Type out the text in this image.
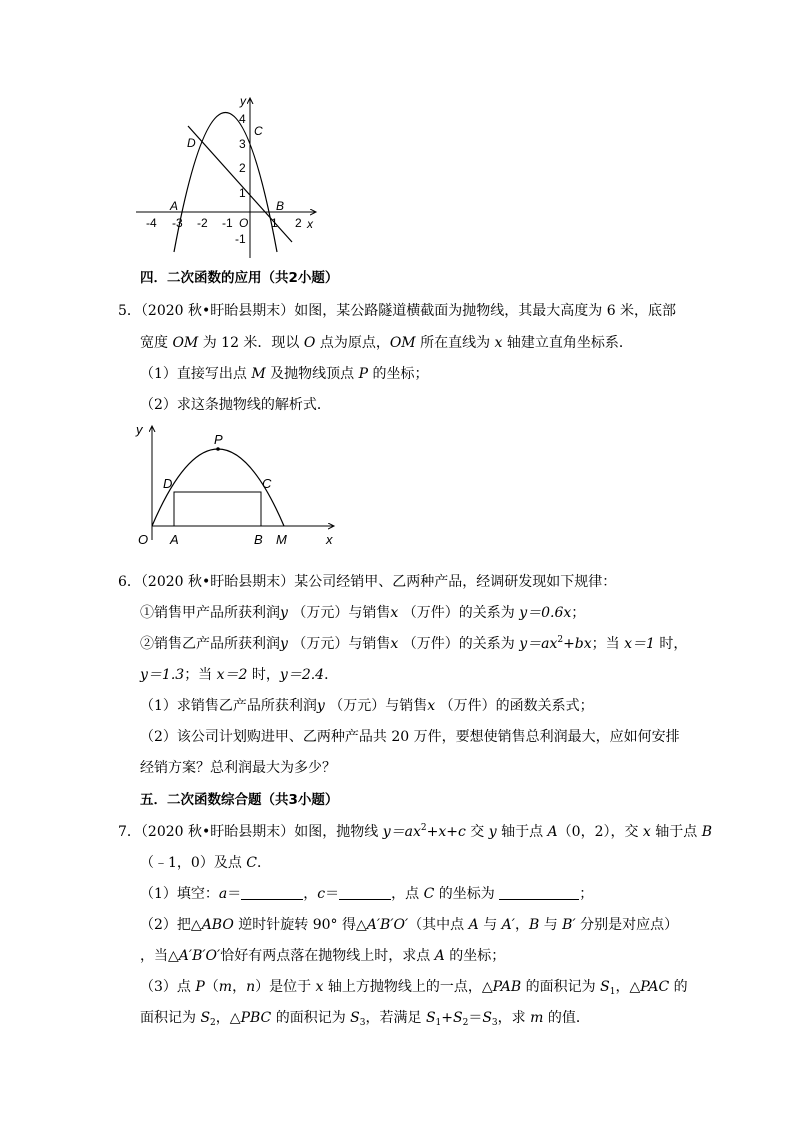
-4 -3 -2 -1	1 2 x
y
O
1
2
3
4
-1
A	B
C
D
四．二次函数的应用（共2小题）
5．（2020 秋•盱眙县期末）如图，某公路隧道横截面为抛物线，其最大高度为 6 米，底部
宽度 OM 为 12 米．现以 O 点为原点，OM 所在直线为 x 轴建立直角坐标系．
（1）直接写出点 M 及抛物线顶点 P 的坐标；
（2）求这条抛物线的解析式．
x
y
O A	B M
D	C
P
6．（2020 秋•盱眙县期末）某公司经销甲、乙两种产品，经调研发现如下规律：
①销售甲产品所获利润y （万元）与销售x （万件）的关系为 y＝0.6x；
②销售乙产品所获利润y （万元）与销售x （万件）的关系为 $y=ax^2+bx$；当 x＝1 时，
y＝1.3；当 x＝2 时，y＝2.4．
（1）求销售乙产品所获利润y （万元）与销售x （万件）的函数关系式；
（2）该公司计划购进甲、乙两种产品共 20 万件，要想使销售总利润最大，应如何安排
经销方案？总利润最大为多少？
五．二次函数综合题（共3小题）
7．（2020 秋•盱眙县期末）如图，抛物线 $y=ax^2+x+c$ 交 y 轴于点 A（0，2），交 x 轴于点 B
（﹣1，0）及点 C．
（1）填空：a＝	，c＝	，点 C 的坐标为	；
（2）把△ABO 逆时针旋转 90° 得△A′B′O′（其中点 A 与 A′，B 与 B′ 分别是对应点）
，当△A′B′O′恰好有两点落在抛物线上时，求点 A 的坐标；
（3）点 P（m，n）是位于 x 轴上方抛物线上的一点，△PAB 的面积记为 $S_1$，△PAC 的
面积记为 $S_2$，△PBC 的面积记为 $S_3$，若满足 $S_1+S_2=S_3$，求 m 的值．
